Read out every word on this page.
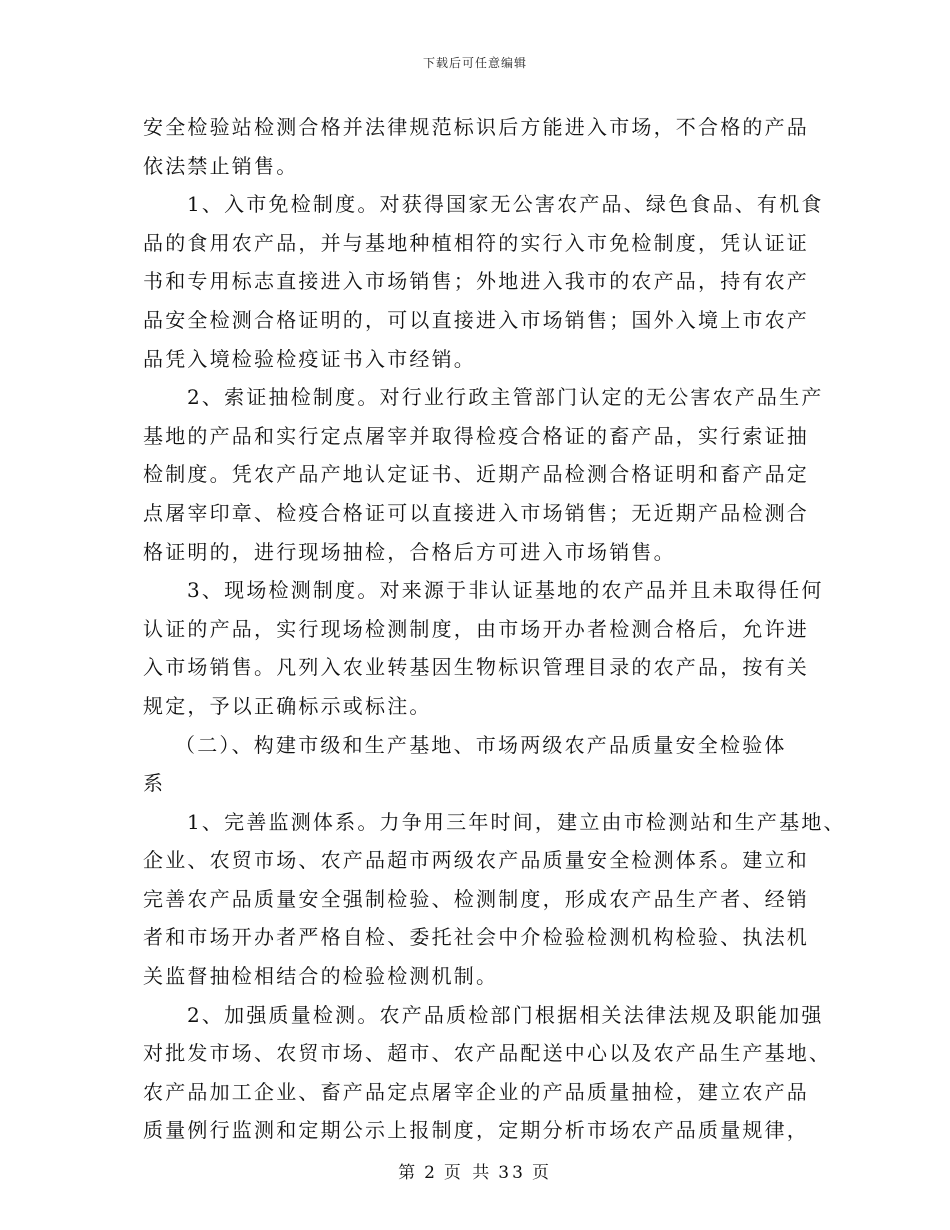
下载后可任意编辑
安全检验站检测合格并法律规范标识后方能进入市场，不合格的产品
依法禁止销售。
1、入市免检制度。对获得国家无公害农产品、绿色食品、有机食
品的食用农产品，并与基地种植相符的实行入市免检制度，凭认证证
书和专用标志直接进入市场销售；外地进入我市的农产品，持有农产
品安全检测合格证明的，可以直接进入市场销售；国外入境上市农产
品凭入境检验检疫证书入市经销。
2、索证抽检制度。对行业行政主管部门认定的无公害农产品生产
基地的产品和实行定点屠宰并取得检疫合格证的畜产品，实行索证抽
检制度。凭农产品产地认定证书、近期产品检测合格证明和畜产品定
点屠宰印章、检疫合格证可以直接进入市场销售；无近期产品检测合
格证明的，进行现场抽检，合格后方可进入市场销售。
3、现场检测制度。对来源于非认证基地的农产品并且未取得任何
认证的产品，实行现场检测制度，由市场开办者检测合格后，允许进
入市场销售。凡列入农业转基因生物标识管理目录的农产品，按有关
规定，予以正确标示或标注。
（二）、构建市级和生产基地、市场两级农产品质量安全检验体
系
1、完善监测体系。力争用三年时间，建立由市检测站和生产基地、
企业、农贸市场、农产品超市两级农产品质量安全检测体系。建立和
完善农产品质量安全强制检验、检测制度，形成农产品生产者、经销
者和市场开办者严格自检、委托社会中介检验检测机构检验、执法机
关监督抽检相结合的检验检测机制。
2、加强质量检测。农产品质检部门根据相关法律法规及职能加强
对批发市场、农贸市场、超市、农产品配送中心以及农产品生产基地、
农产品加工企业、畜产品定点屠宰企业的产品质量抽检，建立农产品
质量例行监测和定期公示上报制度，定期分析市场农产品质量规律，
第 2 页 共 33 页
